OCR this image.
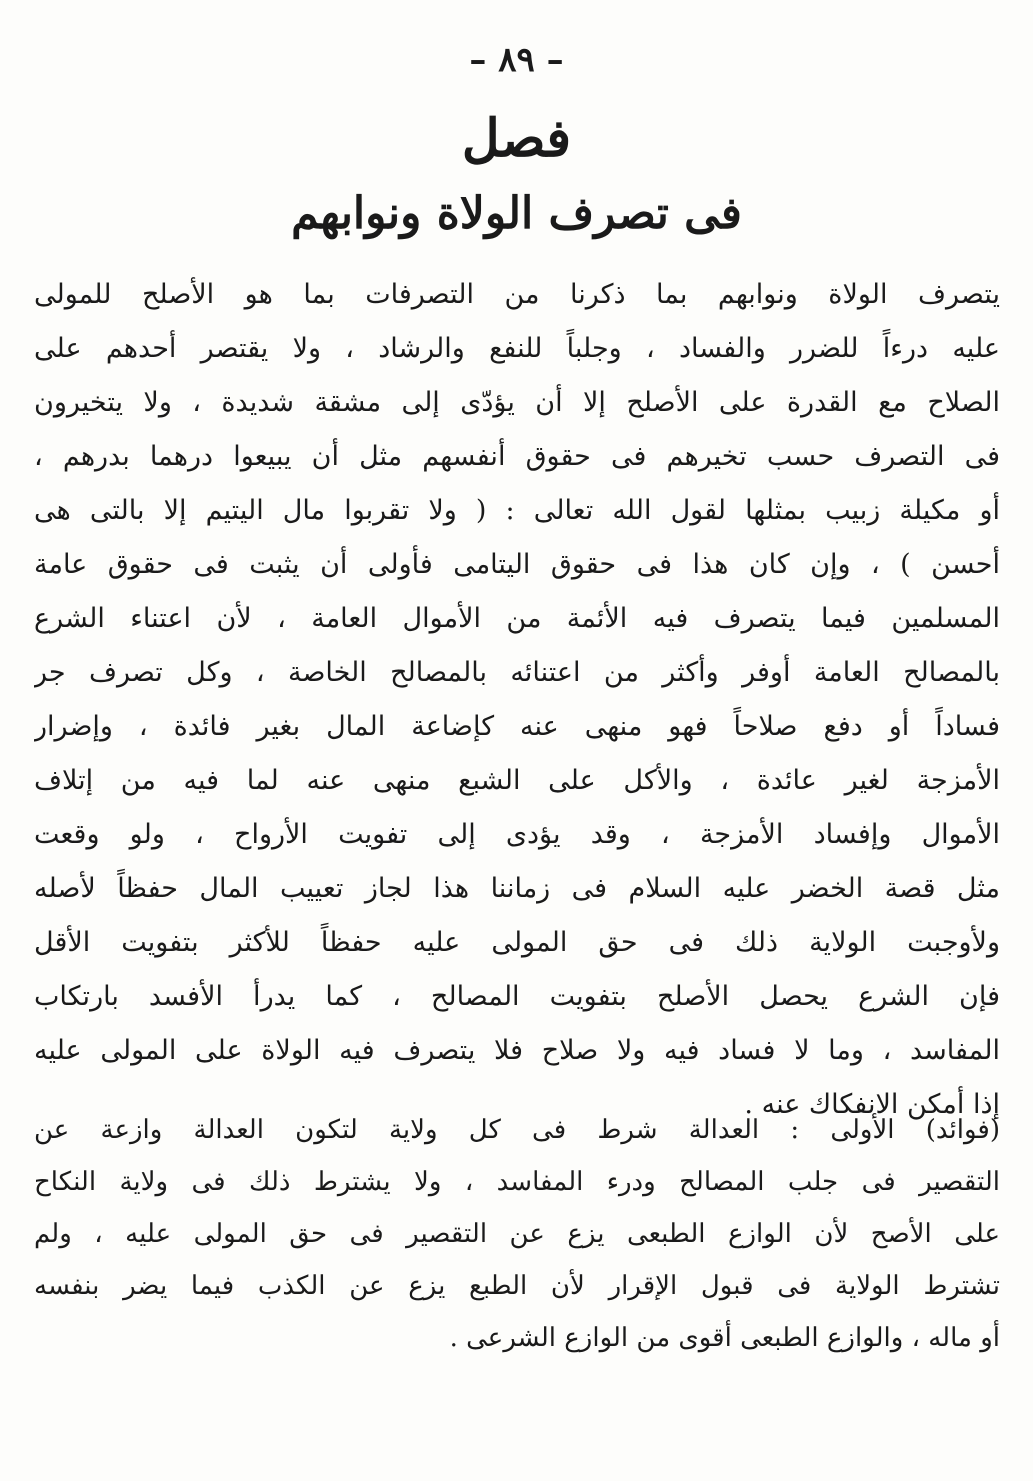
– ٨٩ –
فصل
فى تصرف الولاة ونوابهم
يتصرف الولاة ونوابهم بما ذكرنا من التصرفات بما هو الأصلح للمولى
عليه درءاً للضرر والفساد ، وجلباً للنفع والرشاد ، ولا يقتصر أحدهم على
الصلاح مع القدرة على الأصلح إلا أن يؤدّى إلى مشقة شديدة ، ولا يتخيرون
فى التصرف حسب تخيرهم فى حقوق أنفسهم مثل أن يبيعوا درهما بدرهم ،
أو مكيلة زبيب بمثلها لقول الله تعالى : ( ولا تقربوا مال اليتيم إلا بالتى هى
أحسن ) ، وإن كان هذا فى حقوق اليتامى فأولى أن يثبت فى حقوق عامة
المسلمين فيما يتصرف فيه الأئمة من الأموال العامة ، لأن اعتناء الشرع
بالمصالح العامة أوفر وأكثر من اعتنائه بالمصالح الخاصة ، وكل تصرف جر
فساداً أو دفع صلاحاً فهو منهى عنه كإضاعة المال بغير فائدة ، وإضرار
الأمزجة لغير عائدة ، والأكل على الشبع منهى عنه لما فيه من إتلاف
الأموال وإفساد الأمزجة ، وقد يؤدى إلى تفويت الأرواح ، ولو وقعت
مثل قصة الخضر عليه السلام فى زماننا هذا لجاز تعييب المال حفظاً لأصله
ولأوجبت الولاية ذلك فى حق المولى عليه حفظاً للأكثر بتفويت الأقل
فإن الشرع يحصل الأصلح بتفويت المصالح ، كما يدرأ الأفسد بارتكاب
المفاسد ، وما لا فساد فيه ولا صلاح فلا يتصرف فيه الولاة على المولى عليه
إذا أمكن الانفكاك عنه .
(فوائد) الأولى : العدالة شرط فى كل ولاية لتكون العدالة وازعة عن
التقصير فى جلب المصالح ودرء المفاسد ، ولا يشترط ذلك فى ولاية النكاح
على الأصح لأن الوازع الطبعى يزع عن التقصير فى حق المولى عليه ، ولم
تشترط الولاية فى قبول الإقرار لأن الطبع يزع عن الكذب فيما يضر بنفسه
أو ماله ، والوازع الطبعى أقوى من الوازع الشرعى .
